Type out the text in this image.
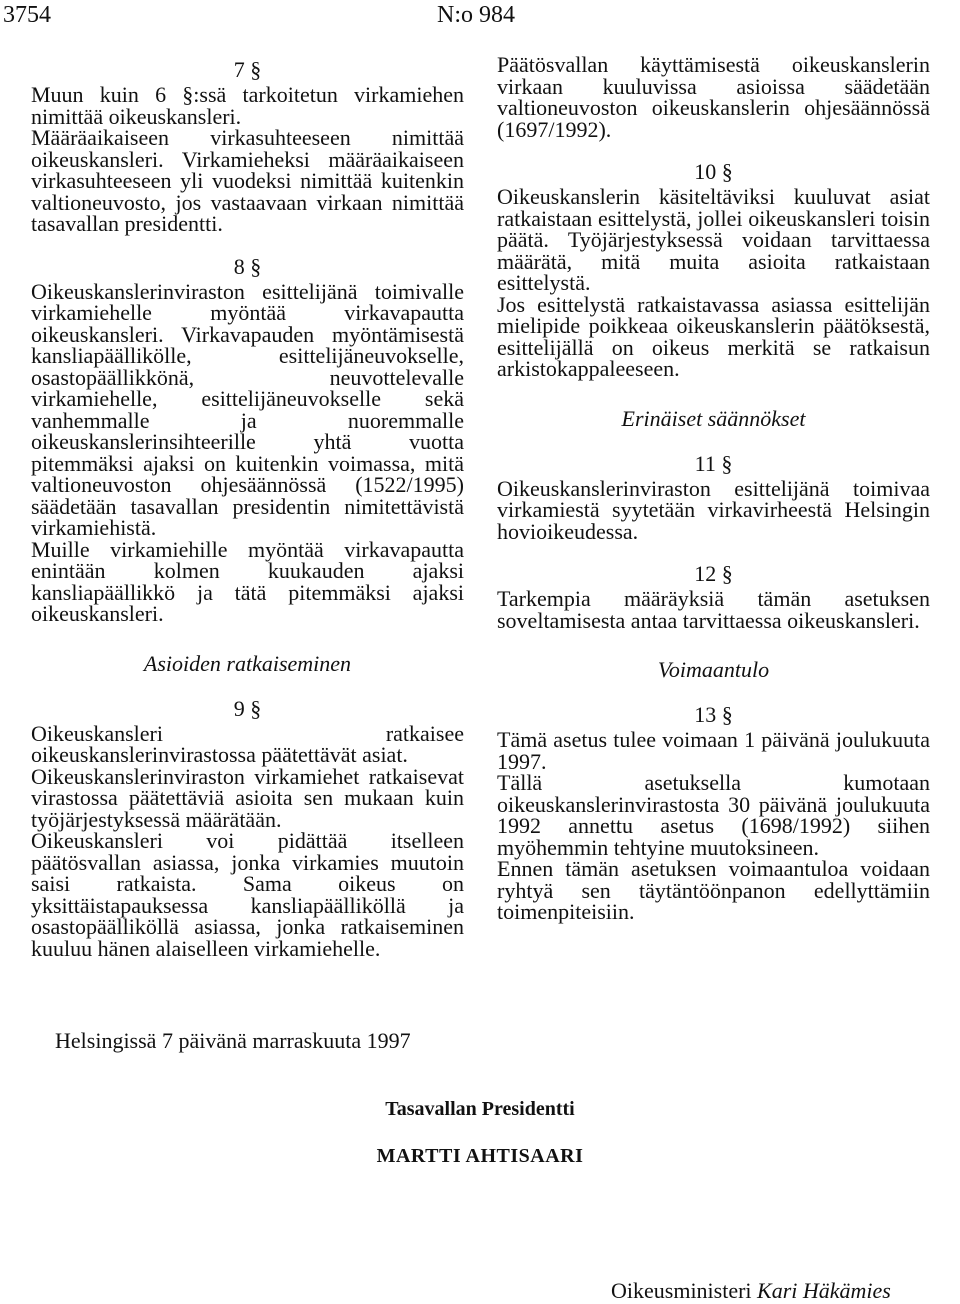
3754	N:o 984
7 §

Muun kuin 6 §:ssä tarkoitetun virkamiehen nimittää oikeuskansleri.

Määräaikaiseen virkasuhteeseen nimittää oikeuskansleri. Virkamieheksi määräaikaiseen virkasuhteeseen yli vuodeksi nimittää kuitenkin valtioneuvosto, jos vastaavaan virkaan nimittää tasavallan presidentti.

8 §

Oikeuskanslerinviraston esittelijänä toimivalle virkamiehelle myöntää virkavapautta oikeuskansleri. Virkavapauden myöntämisestä kansliapäällikölle, esittelijäneuvokselle, osastopäällikkönä, neuvottelevalle virkamiehelle, esittelijäneuvokselle sekä vanhemmalle ja nuoremmalle oikeuskanslerinsihteerille yhtä vuotta pitemmäksi ajaksi on kuitenkin voimassa, mitä valtioneuvoston ohjesäännössä (1522/1995) säädetään tasavallan presidentin nimitettävistä virkamiehistä.

Muille virkamiehille myöntää virkavapautta enintään kolmen kuukauden ajaksi kansliapäällikkö ja tätä pitemmäksi ajaksi oikeuskansleri.

Asioiden ratkaiseminen
9 §

Oikeuskansleri ratkaisee oikeuskanslerinvirastossa päätettävät asiat.

Oikeuskanslerinviraston virkamiehet ratkaisevat virastossa päätettäviä asioita sen mukaan kuin työjärjestyksessä määrätään.

Oikeuskansleri voi pidättää itselleen päätösvallan asiassa, jonka virkamies muutoin saisi ratkaista. Sama oikeus on yksittäistapauksessa kansliapäälliköllä ja osastopäälliköllä asiassa, jonka ratkaiseminen kuuluu hänen alaiselleen virkamiehelle.

Päätösvallan käyttämisestä oikeuskanslerin virkaan kuuluvissa asioissa säädetään valtioneuvoston oikeuskanslerin ohjesäännössä (1697/1992).

10 §

Oikeuskanslerin käsiteltäviksi kuuluvat asiat ratkaistaan esittelystä, jollei oikeuskansleri toisin päätä. Työjärjestyksessä voidaan tarvittaessa määrätä, mitä muita asioita ratkaistaan esittelystä.

Jos esittelystä ratkaistavassa asiassa esittelijän mielipide poikkeaa oikeuskanslerin päätöksestä, esittelijällä on oikeus merkitä se ratkaisun arkistokappaleeseen.

Erinäiset säännökset
11 §

Oikeuskanslerinviraston esittelijänä toimivaa virkamiestä syytetään virkavirheestä Helsingin hovioikeudessa.

12 §

Tarkempia määräyksiä tämän asetuksen soveltamisesta antaa tarvittaessa oikeuskansleri.

Voimaantulo
13 §

Tämä asetus tulee voimaan 1 päivänä joulukuuta 1997.

Tällä asetuksella kumotaan oikeuskanslerinvirastosta 30 päivänä joulukuuta 1992 annettu asetus (1698/1992) siihen myöhemmin tehtyine muutoksineen.

Ennen tämän asetuksen voimaantuloa voidaan ryhtyä sen täytäntöönpanon edellyttämiin toimenpiteisiin.

Helsingissä 7 päivänä marraskuuta 1997
Tasavallan Presidentti
MARTTI AHTISAARI
Oikeusministeri Kari Häkämies
